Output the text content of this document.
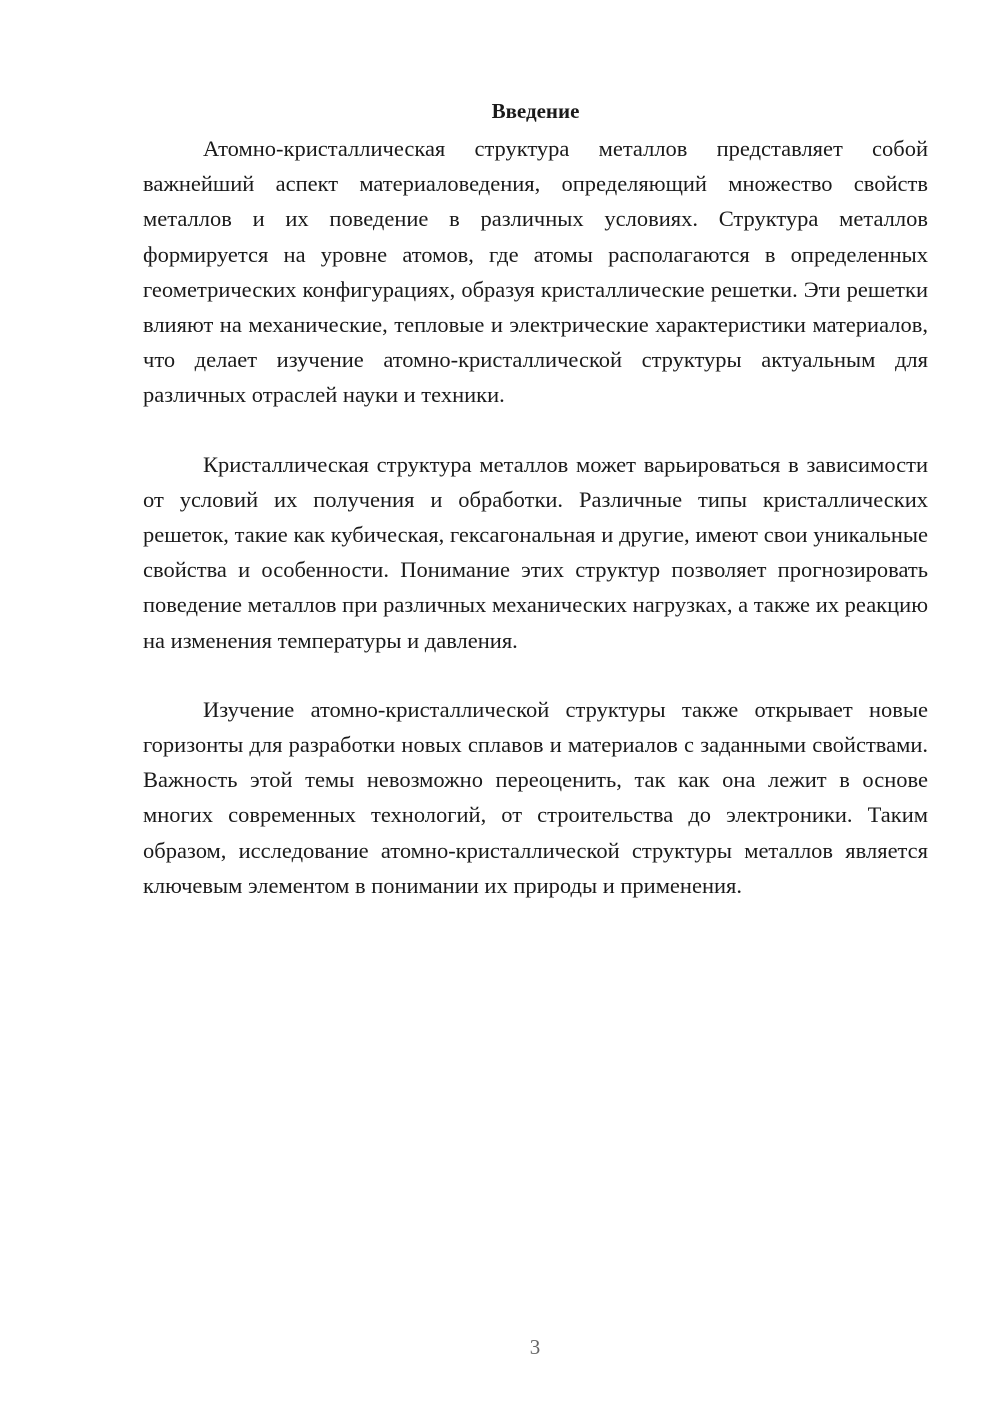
Введение

Атомно-кристаллическая структура металлов представляет собой важнейший аспект материаловедения, определяющий множество свойств металлов и их поведение в различных условиях. Структура металлов формируется на уровне атомов, где атомы располагаются в определенных геометрических конфигурациях, образуя кристаллические решетки. Эти решетки влияют на механические, тепловые и электрические характеристики материалов, что делает изучение атомно-кристаллической структуры актуальным для различных отраслей науки и техники.

Кристаллическая структура металлов может варьироваться в зависимости от условий их получения и обработки. Различные типы кристаллических решеток, такие как кубическая, гексагональная и другие, имеют свои уникальные свойства и особенности. Понимание этих структур позволяет прогнозировать поведение металлов при различных механических нагрузках, а также их реакцию на изменения температуры и давления.

Изучение атомно-кристаллической структуры также открывает новые горизонты для разработки новых сплавов и материалов с заданными свойствами. Важность этой темы невозможно переоценить, так как она лежит в основе многих современных технологий, от строительства до электроники. Таким образом, исследование атомно-кристаллической структуры металлов является ключевым элементом в понимании их природы и применения.

3
